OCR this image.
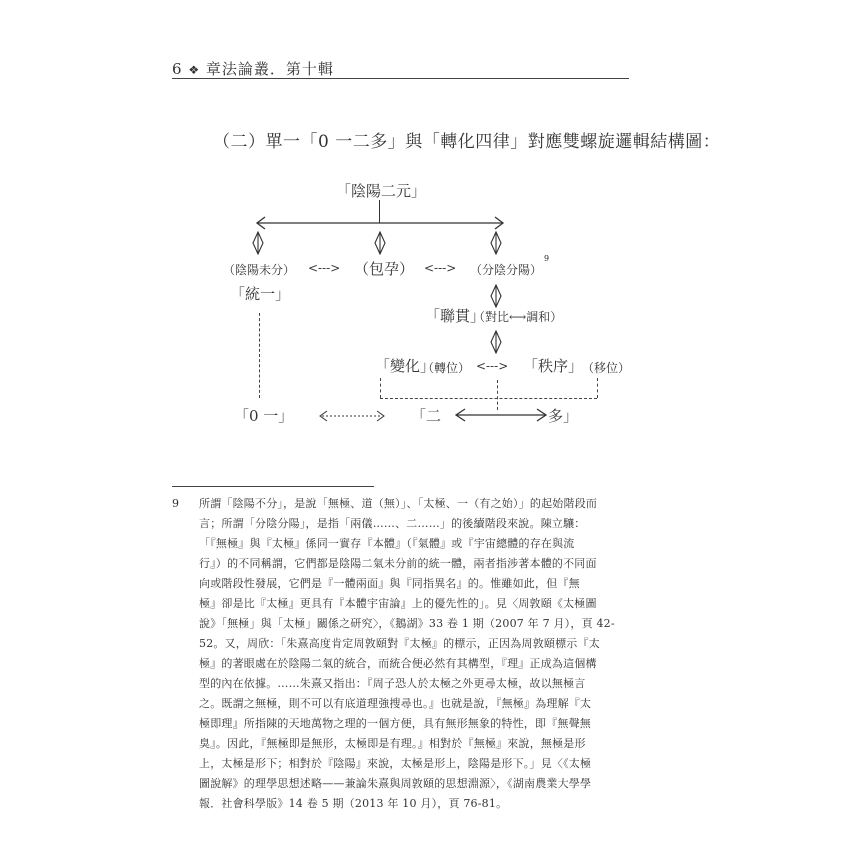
6 ❖ 章法論叢．第十輯
（二）單一「0 一二多」與「轉化四律」對應雙螺旋邏輯結構圖：
「陰陽二元」
（陰陽未分） <---> （包孕） <---> （分陰分陽）
9
「統一」
「聯貫」
（對比⟷調和）
「變化」
（轉位） <---> 「秩序」
（移位）
「0 一」	「二	多」
9 所謂「陰陽不分」，是說「無極、道（無）」、「太極、一（有之始）」的起始階段而
言；所謂「分陰分陽」，是指「兩儀……、二……」的後續階段來說。陳立驤：
「『無極』與『太極』係同一實存『本體』（『氣體』或『宇宙總體的存在與流
行』）的不同稱謂，它們都是陰陽二氣未分前的統一體，兩者指涉著本體的不同面
向或階段性發展，它們是『一體兩面』與『同指異名』的。惟雖如此，但『無
極』卻是比『太極』更具有『本體宇宙論』上的優先性的」。見〈周敦頤《太極圖
說》「無極」與「太極」關係之研究〉，《鵝湖》33 卷 1 期（2007 年 7 月），頁 42-
52。又，周欣：「朱熹高度肯定周敦頤對『太極』的標示，正因為周敦頤標示『太
極』的著眼處在於陰陽二氣的統合，而統合便必然有其構型，『理』正成為這個構
型的內在依據。……朱熹又指出：『周子恐人於太極之外更尋太極，故以無極言
之。既謂之無極，則不可以有底道理強搜尋也。』也就是說，『無極』為理解『太
極即理』所指陳的天地萬物之理的一個方便，具有無形無象的特性，即『無聲無
臭』。因此，『無極即是無形，太極即是有理。』相對於『無極』來說，無極是形
上，太極是形下；相對於『陰陽』來說，太極是形上，陰陽是形下。」見〈《太極
圖說解》的理學思想述略——兼論朱熹與周敦頤的思想淵源〉，《湖南農業大學學
報．社會科學版》14 卷 5 期（2013 年 10 月），頁 76-81。
